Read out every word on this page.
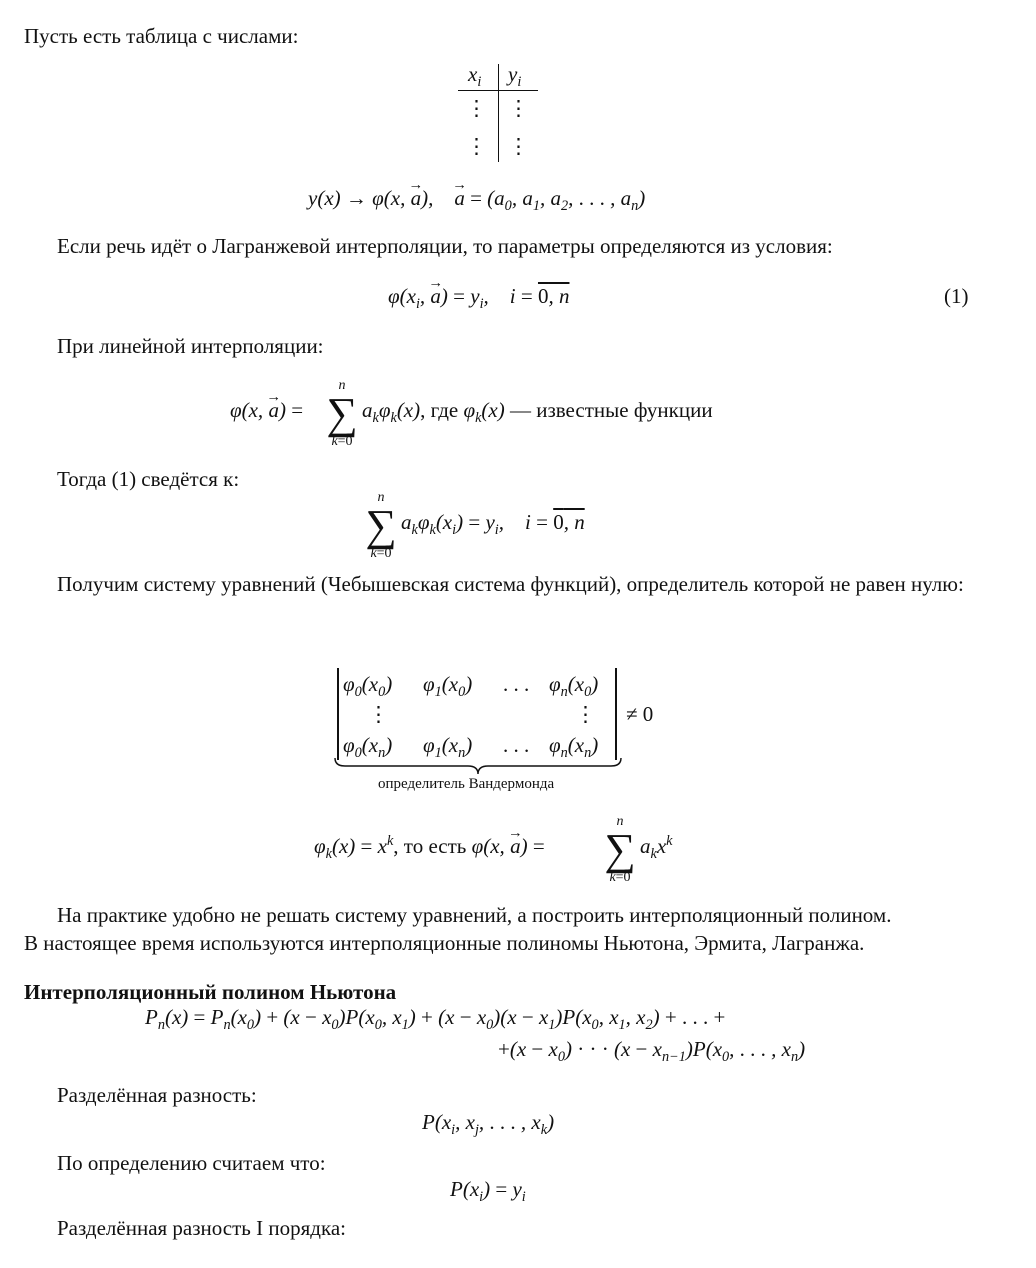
Пусть есть таблица с числами:
$x_i$ $y_i$
⋮ ⋮
⋮ ⋮
y(x) → φ(x, a →),    a → = ($a_0$, $a_1$, $a_2$, . . . , $a_n$)
Если речь идёт о Лагранжевой интерполяции, то параметры определяются из условия:
$\varphi(x_i$, a →) = $y_i$,    i = 0, n	(1)
При линейной интерполяции:
φ(x, a →) =
n
∑
k=0
$a_k\varphi_k(x)$, где $\varphi_k(x)$ — известные функции
Тогда (1) сведётся к:
n
∑
k=0
$a_k\varphi_k(x_i) = y_i$,    i = 0, n
Получим систему уравнений (Чебышевская система функций), определитель которой не равен нулю:
$\varphi_0(x_0)$ $\varphi_1(x_0)$ . . . $\varphi_n(x_0)$
⋮	⋮
$\varphi_0(x_n)$ $\varphi_1(x_n)$ . . . $\varphi_n(x_n)$
≠ 0
определитель Вандермонда
$\varphi_k(x) = x^k$, то есть φ(x, a →) =
n
∑
k=0
$a_kx^k$
На практике удобно не решать систему уравнений, а построить интерполяционный полином.
В настоящее время используются интерполяционные полиномы Ньютона, Эрмита, Лагранжа.
Интерполяционный полином Ньютона
$P_n(x) = P_n(x_0) + (x - x_0)P(x_0$, $x_1) + (x - x_0)(x - x_1)P(x_0$, $x_1$, $x_2$) + . . . +
$+(x - x_0)$ · · · $(x - x_{n-1})P(x_0$, . . . , $x_n$)
Разделённая разность:
$P(x_i$, $x_j$, . . . , $x_k$)
По определению считаем что:
$P(x_i) = y_i$
Разделённая разность I порядка:
